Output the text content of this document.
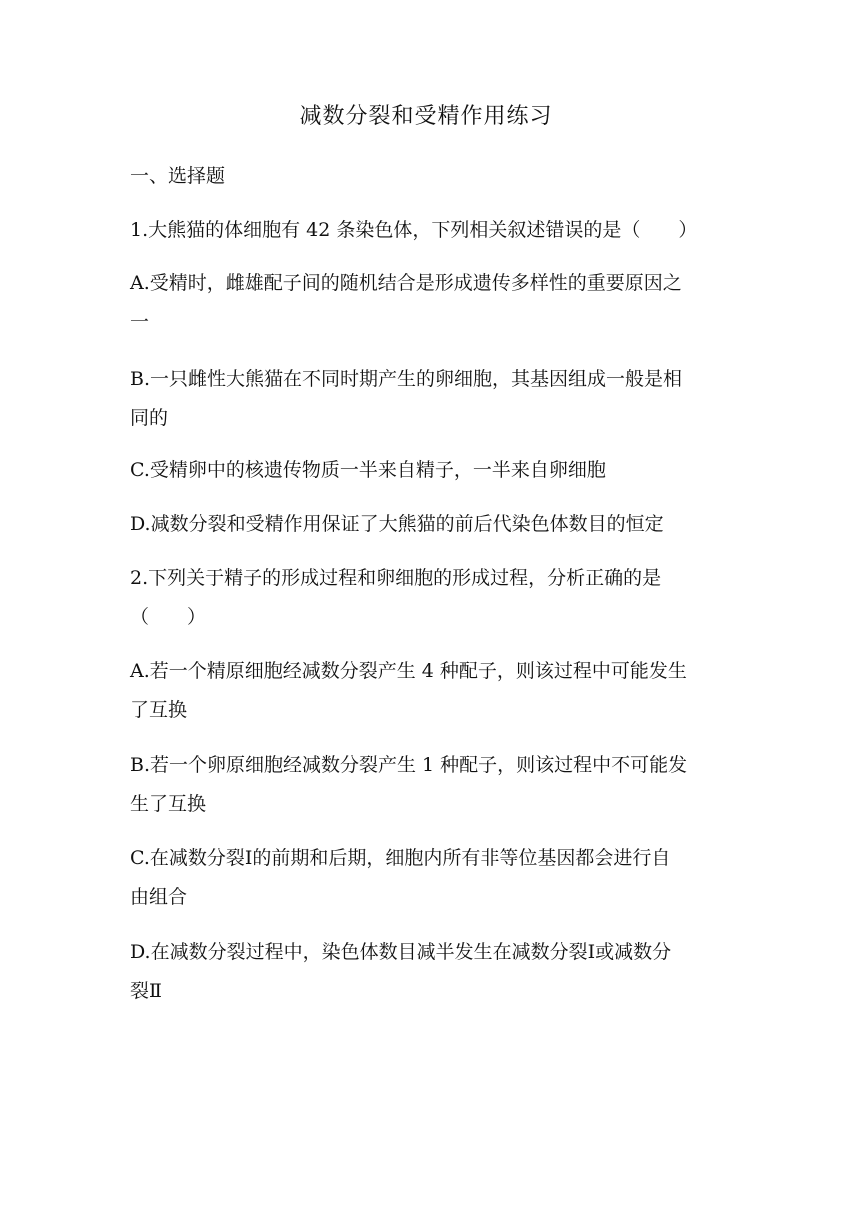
减数分裂和受精作用练习
一、选择题
1.大熊猫的体细胞有 42 条染色体，下列相关叙述错误的是（　　）
A.受精时，雌雄配子间的随机结合是形成遗传多样性的重要原因之
一
B.一只雌性大熊猫在不同时期产生的卵细胞，其基因组成一般是相
同的
C.受精卵中的核遗传物质一半来自精子，一半来自卵细胞
D.减数分裂和受精作用保证了大熊猫的前后代染色体数目的恒定
2.下列关于精子的形成过程和卵细胞的形成过程，分析正确的是
（　　）
A.若一个精原细胞经减数分裂产生 4 种配子，则该过程中可能发生
了互换
B.若一个卵原细胞经减数分裂产生 1 种配子，则该过程中不可能发
生了互换
C.在减数分裂Ⅰ的前期和后期，细胞内所有非等位基因都会进行自
由组合
D.在减数分裂过程中，染色体数目减半发生在减数分裂Ⅰ或减数分
裂Ⅱ
